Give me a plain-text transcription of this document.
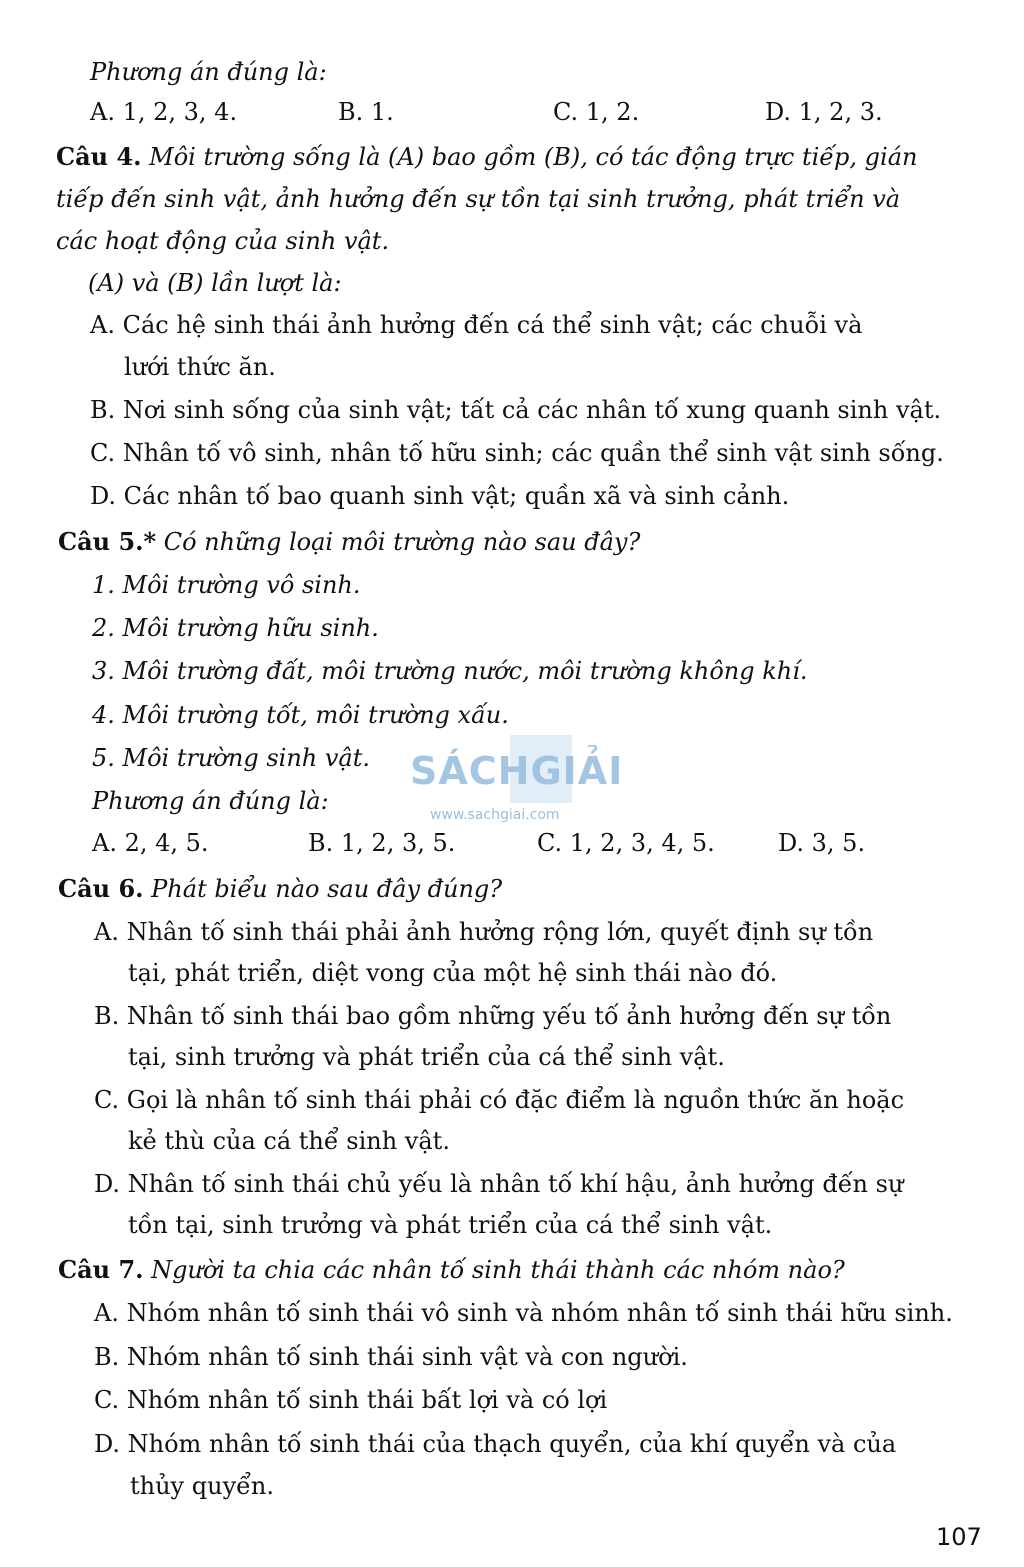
Phương án đúng là:
A. 1, 2, 3, 4.	B. 1.	C. 1, 2.	D. 1, 2, 3.
Câu 4. Môi trường sống là (A) bao gồm (B), có tác động trực tiếp, gián
tiếp đến sinh vật, ảnh hưởng đến sự tồn tại sinh trưởng, phát triển và
các hoạt động của sinh vật.
(A) và (B) lần lượt là:
A. Các hệ sinh thái ảnh hưởng đến cá thể sinh vật; các chuỗi và
lưới thức ăn.
B. Nơi sinh sống của sinh vật; tất cả các nhân tố xung quanh sinh vật.
C. Nhân tố vô sinh, nhân tố hữu sinh; các quần thể sinh vật sinh sống.
D. Các nhân tố bao quanh sinh vật; quần xã và sinh cảnh.
Câu 5.* Có những loại môi trường nào sau đây?
1. Môi trường vô sinh.
2. Môi trường hữu sinh.
3. Môi trường đất, môi trường nước, môi trường không khí.
4. Môi trường tốt, môi trường xấu.
5. Môi trường sinh vật.
Phương án đúng là:
A. 2, 4, 5.	B. 1, 2, 3, 5.	C. 1, 2, 3, 4, 5.	D. 3, 5.
SÁCHGIẢI
www.sachgiai.com
Câu 6. Phát biểu nào sau đây đúng?
A. Nhân tố sinh thái phải ảnh hưởng rộng lớn, quyết định sự tồn
tại, phát triển, diệt vong của một hệ sinh thái nào đó.
B. Nhân tố sinh thái bao gồm những yếu tố ảnh hưởng đến sự tồn
tại, sinh trưởng và phát triển của cá thể sinh vật.
C. Gọi là nhân tố sinh thái phải có đặc điểm là nguồn thức ăn hoặc
kẻ thù của cá thể sinh vật.
D. Nhân tố sinh thái chủ yếu là nhân tố khí hậu, ảnh hưởng đến sự
tồn tại, sinh trưởng và phát triển của cá thể sinh vật.
Câu 7. Người ta chia các nhân tố sinh thái thành các nhóm nào?
A. Nhóm nhân tố sinh thái vô sinh và nhóm nhân tố sinh thái hữu sinh.
B. Nhóm nhân tố sinh thái sinh vật và con người.
C. Nhóm nhân tố sinh thái bất lợi và có lợi
D. Nhóm nhân tố sinh thái của thạch quyển, của khí quyển và của
thủy quyển.
107
